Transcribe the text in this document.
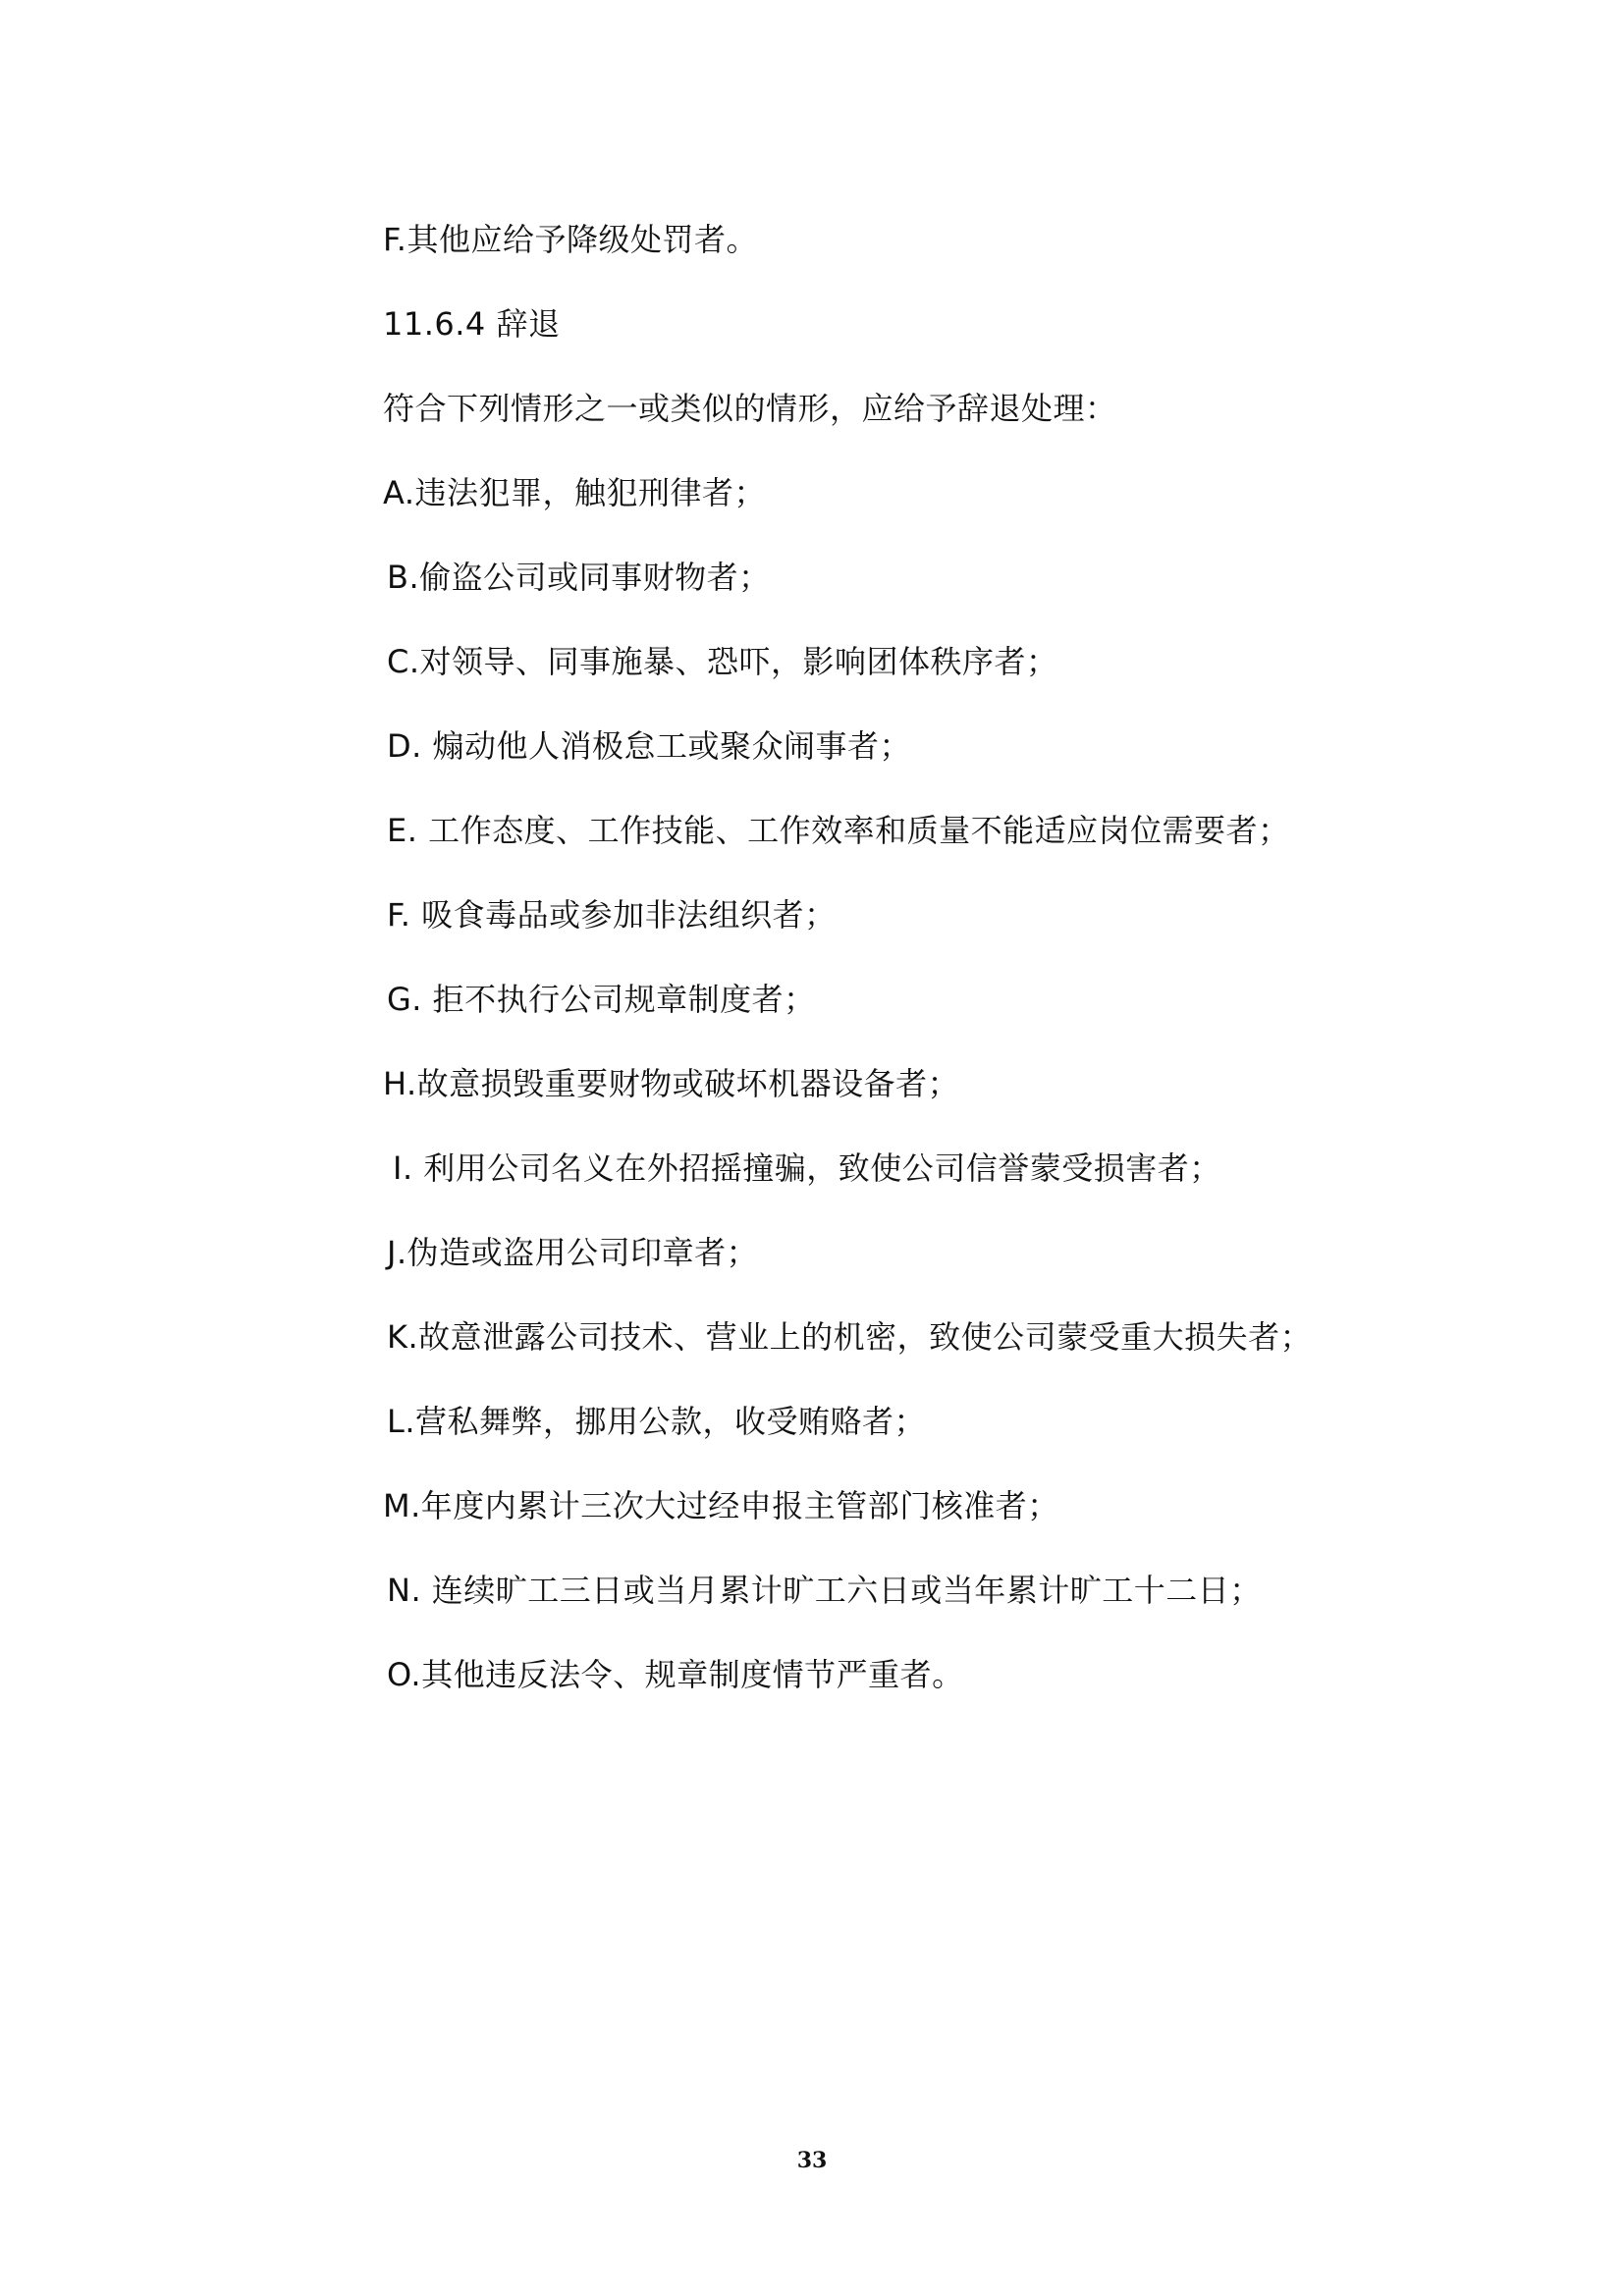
F.其他应给予降级处罚者。
11.6.4 辞退
符合下列情形之一或类似的情形，应给予辞退处理：
A.违法犯罪，触犯刑律者；
B.偷盗公司或同事财物者；
C.对领导、同事施暴、恐吓，影响团体秩序者；
D. 煽动他人消极怠工或聚众闹事者；
E. 工作态度、工作技能、工作效率和质量不能适应岗位需要者；
F. 吸食毒品或参加非法组织者；
G. 拒不执行公司规章制度者；
H.故意损毁重要财物或破坏机器设备者；
I. 利用公司名义在外招摇撞骗，致使公司信誉蒙受损害者；
J.伪造或盗用公司印章者；
K.故意泄露公司技术、营业上的机密，致使公司蒙受重大损失者；
L.营私舞弊，挪用公款，收受贿赂者；
M.年度内累计三次大过经申报主管部门核准者；
N. 连续旷工三日或当月累计旷工六日或当年累计旷工十二日；
O.其他违反法令、规章制度情节严重者。
33
